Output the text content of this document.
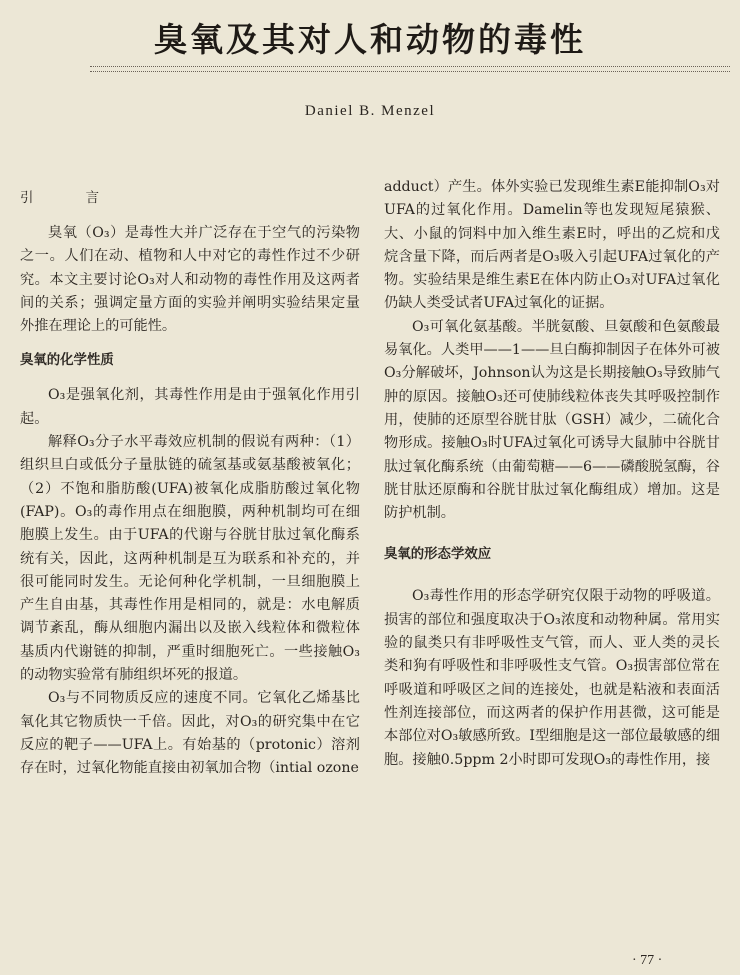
臭氧及其对人和动物的毒性
Daniel B. Menzel

引 言

臭氧（O₃）是毒性大并广泛存在于空气的污染物之一。人们在动、植物和人中对它的毒性作过不少研究。本文主要讨论O₃对人和动物的毒性作用及这两者间的关系；强调定量方面的实验并阐明实验结果定量外推在理论上的可能性。

臭氧的化学性质

O₃是强氧化剂，其毒性作用是由于强氧化作用引起。

解释O₃分子水平毒效应机制的假说有两种：（1）组织旦白或低分子量肽链的硫氢基或氨基酸被氧化；（2）不饱和脂肪酸(UFA)被氧化成脂肪酸过氧化物(FAP)。O₃的毒作用点在细胞膜，两种机制均可在细胞膜上发生。由于UFA的代谢与谷胱甘肽过氧化酶系统有关，因此，这两种机制是互为联系和补充的，并很可能同时发生。无论何种化学机制，一旦细胞膜上产生自由基，其毒性作用是相同的，就是：水电解质调节紊乱，酶从细胞内漏出以及嵌入线粒体和微粒体基质内代谢链的抑制，严重时细胞死亡。一些接触O₃的动物实验常有肺组织坏死的报道。

O₃与不同物质反应的速度不同。它氧化乙烯基比氧化其它物质快一千倍。因此，对O₃的研究集中在它反应的靶子——UFA上。有始基的（protonic）溶剂存在时，过氧化物能直接由初氧加合物（intial ozone

adduct）产生。体外实验已发现维生素E能抑制O₃对UFA的过氧化作用。Damelin等也发现短尾猿猴、大、小鼠的饲料中加入维生素E时，呼出的乙烷和戊烷含量下降，而后两者是O₃吸入引起UFA过氧化的产物。实验结果是维生素E在体内防止O₃对UFA过氧化仍缺人类受试者UFA过氧化的证据。

O₃可氧化氨基酸。半胱氨酸、旦氨酸和色氨酸最易氧化。人类甲——1——旦白酶抑制因子在体外可被O₃分解破坏，Johnson认为这是长期接触O₃导致肺气肿的原因。接触O₃还可使肺线粒体丧失其呼吸控制作用，使肺的还原型谷胱甘肽（GSH）减少，二硫化合物形成。接触O₃时UFA过氧化可诱导大鼠肺中谷胱甘肽过氧化酶系统（由葡萄糖——6——磷酸脱氢酶，谷胱甘肽还原酶和谷胱甘肽过氧化酶组成）增加。这是防护机制。

臭氧的形态学效应

O₃毒性作用的形态学研究仅限于动物的呼吸道。损害的部位和强度取决于O₃浓度和动物种属。常用实验的鼠类只有非呼吸性支气管，而人、亚人类的灵长类和狗有呼吸性和非呼吸性支气管。O₃损害部位常在呼吸道和呼吸区之间的连接处，也就是粘液和表面活性剂连接部位，而这两者的保护作用甚微，这可能是本部位对O₃敏感所致。Ⅰ型细胞是这一部位最敏感的细胞。接触0.5ppm 2小时即可发现O₃的毒性作用，接

· 77 ·
